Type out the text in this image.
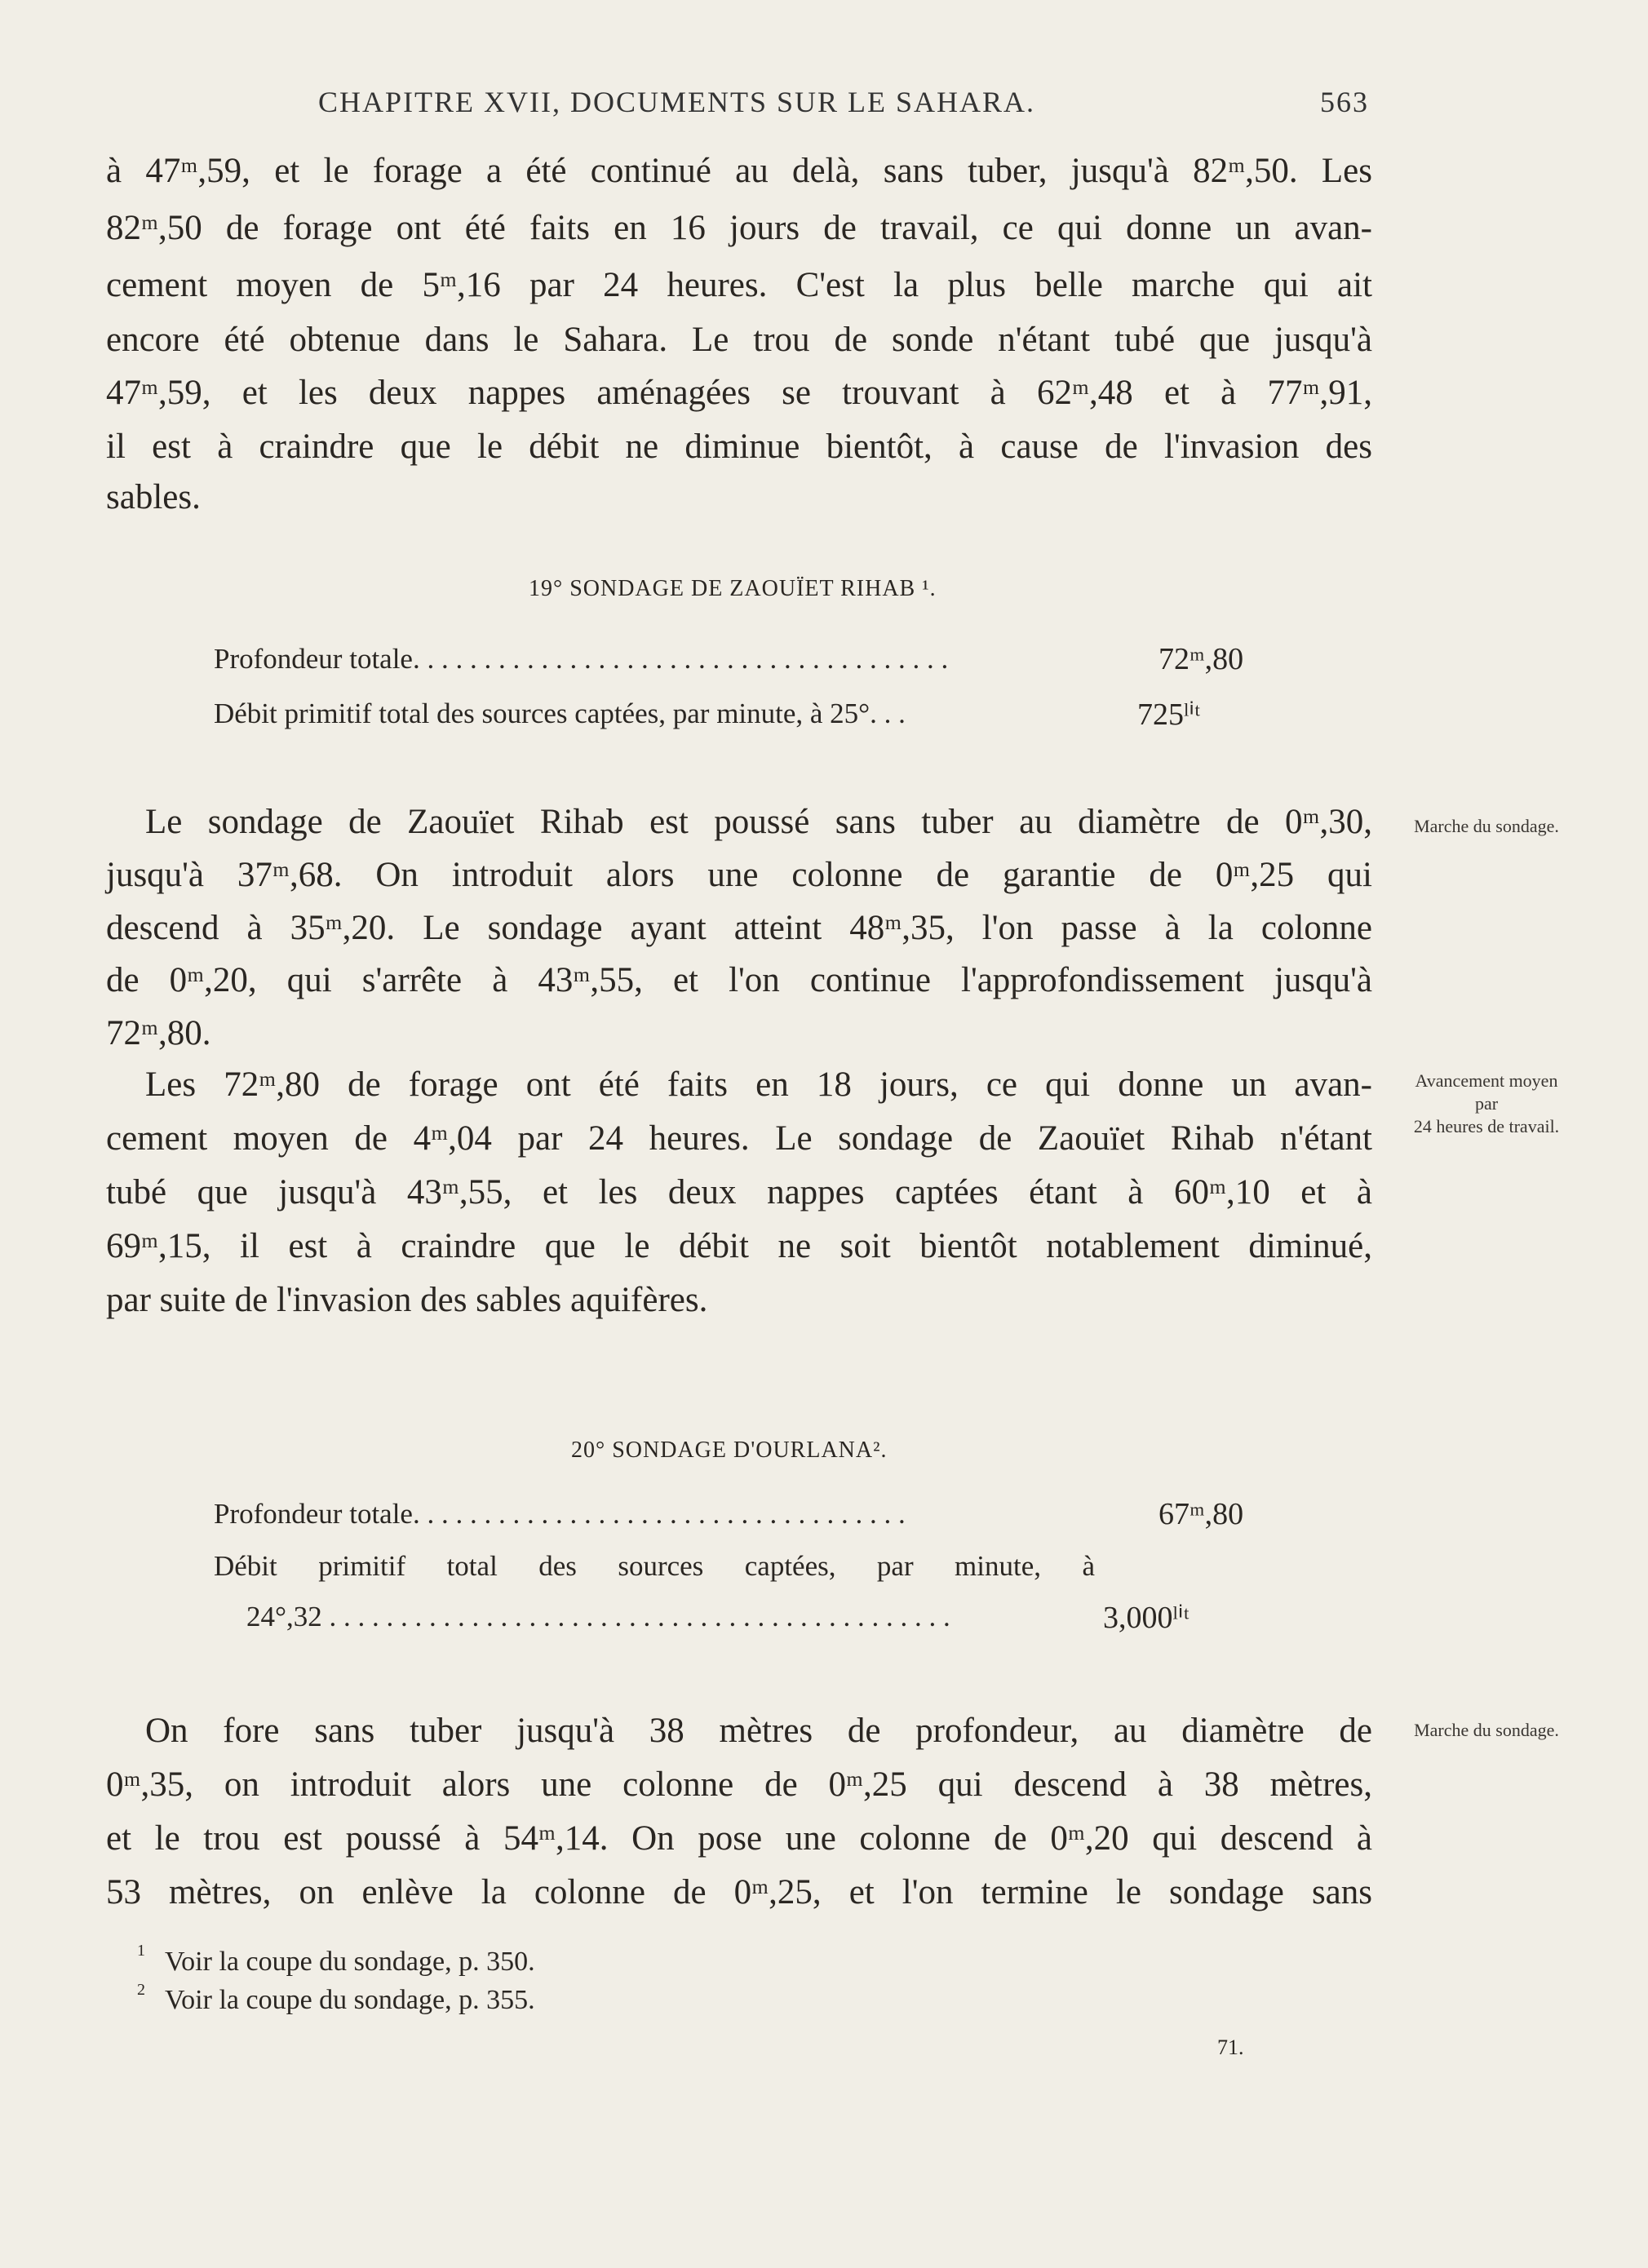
CHAPITRE XVII, DOCUMENTS SUR LE SAHARA.	563
à 47ᵐ,59, et le forage a été continué au delà, sans tuber, jusqu'à 82ᵐ,50. Les
82ᵐ,50 de forage ont été faits en 16 jours de travail, ce qui donne un avan-
cement moyen de 5ᵐ,16 par 24 heures. C'est la plus belle marche qui ait
encore été obtenue dans le Sahara. Le trou de sonde n'étant tubé que jusqu'à
47ᵐ,59, et les deux nappes aménagées se trouvant à 62ᵐ,48 et à 77ᵐ,91,
il est à craindre que le débit ne diminue bientôt, à cause de l'invasion des
sables.
19° SONDAGE DE ZAOUÏET RIHAB ¹.
Profondeur totale. . . . . . . . . . . . . . . . . . . . . . . . . . . . . . . . . . . . . .	72ᵐ,80
Débit primitif total des sources captées, par minute, à 25°. . .	725ˡⁱᵗ
Le sondage de Zaouïet Rihab est poussé sans tuber au diamètre de 0ᵐ,30,
jusqu'à 37ᵐ,68. On introduit alors une colonne de garantie de 0ᵐ,25 qui
descend à 35ᵐ,20. Le sondage ayant atteint 48ᵐ,35, l'on passe à la colonne
de 0ᵐ,20, qui s'arrête à 43ᵐ,55, et l'on continue l'approfondissement jusqu'à
72ᵐ,80.
Les 72ᵐ,80 de forage ont été faits en 18 jours, ce qui donne un avan-
cement moyen de 4ᵐ,04 par 24 heures. Le sondage de Zaouïet Rihab n'étant
tubé que jusqu'à 43ᵐ,55, et les deux nappes captées étant à 60ᵐ,10 et à
69ᵐ,15, il est à craindre que le débit ne soit bientôt notablement diminué,
par suite de l'invasion des sables aquifères.
20° SONDAGE D'OURLANA².
Profondeur totale. . . . . . . . . . . . . . . . . . . . . . . . . . . . . . . . . . .	67ᵐ,80
Débit primitif total des sources captées, par minute, à
24°,32 . . . . . . . . . . . . . . . . . . . . . . . . . . . . . . . . . . . . . . . . . . . .	3,000ˡⁱᵗ
On fore sans tuber jusqu'à 38 mètres de profondeur, au diamètre de
0ᵐ,35, on introduit alors une colonne de 0ᵐ,25 qui descend à 38 mètres,
et le trou est poussé à 54ᵐ,14. On pose une colonne de 0ᵐ,20 qui descend à
53 mètres, on enlève la colonne de 0ᵐ,25, et l'on termine le sondage sans
Marche du sondage.
Avancement moyen
par
24 heures de travail.
Marche du sondage.
1 Voir la coupe du sondage, p. 350.
2 Voir la coupe du sondage, p. 355.
71.
